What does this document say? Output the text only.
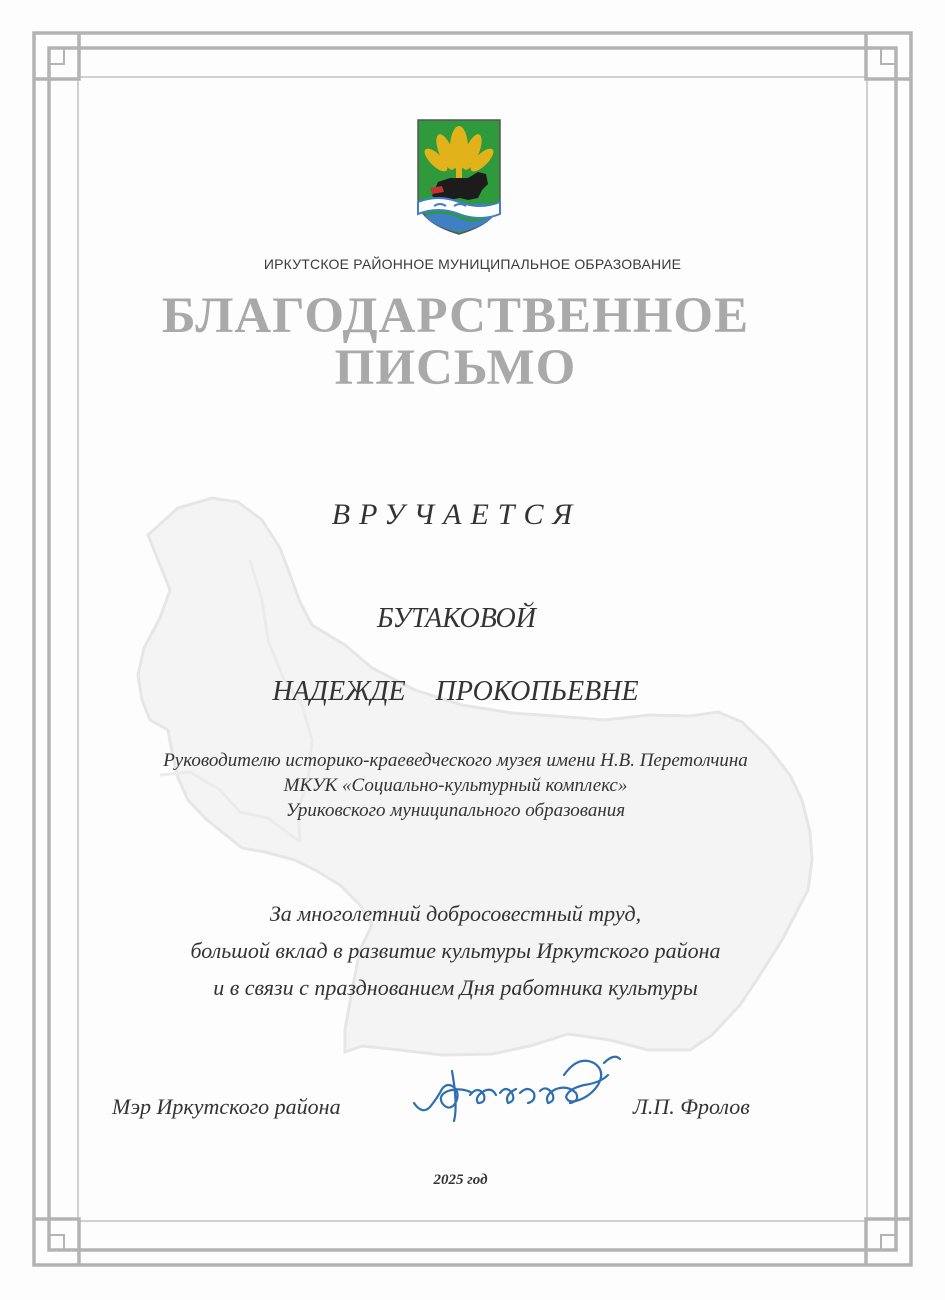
ИРКУТСКОЕ РАЙОННОЕ МУНИЦИПАЛЬНОЕ ОБРАЗОВАНИЕ

БЛАГОДАРСТВЕННОЕ

ПИСЬМО

ВРУЧАЕТСЯ

БУТАКОВОЙ

НАДЕЖДЕ  ПРОКОПЬЕВНЕ

Руководителю историко-краеведческого музея имени Н.В. Перетолчина
МКУК «Социально-культурный комплекс»
Уриковского муниципального образования
За многолетний добросовестный труд,
большой вклад в развитие культуры Иркутского района
и в связи с празднованием Дня работника культуры
Мэр Иркутского района	Л.П. Фролов

2025 год
